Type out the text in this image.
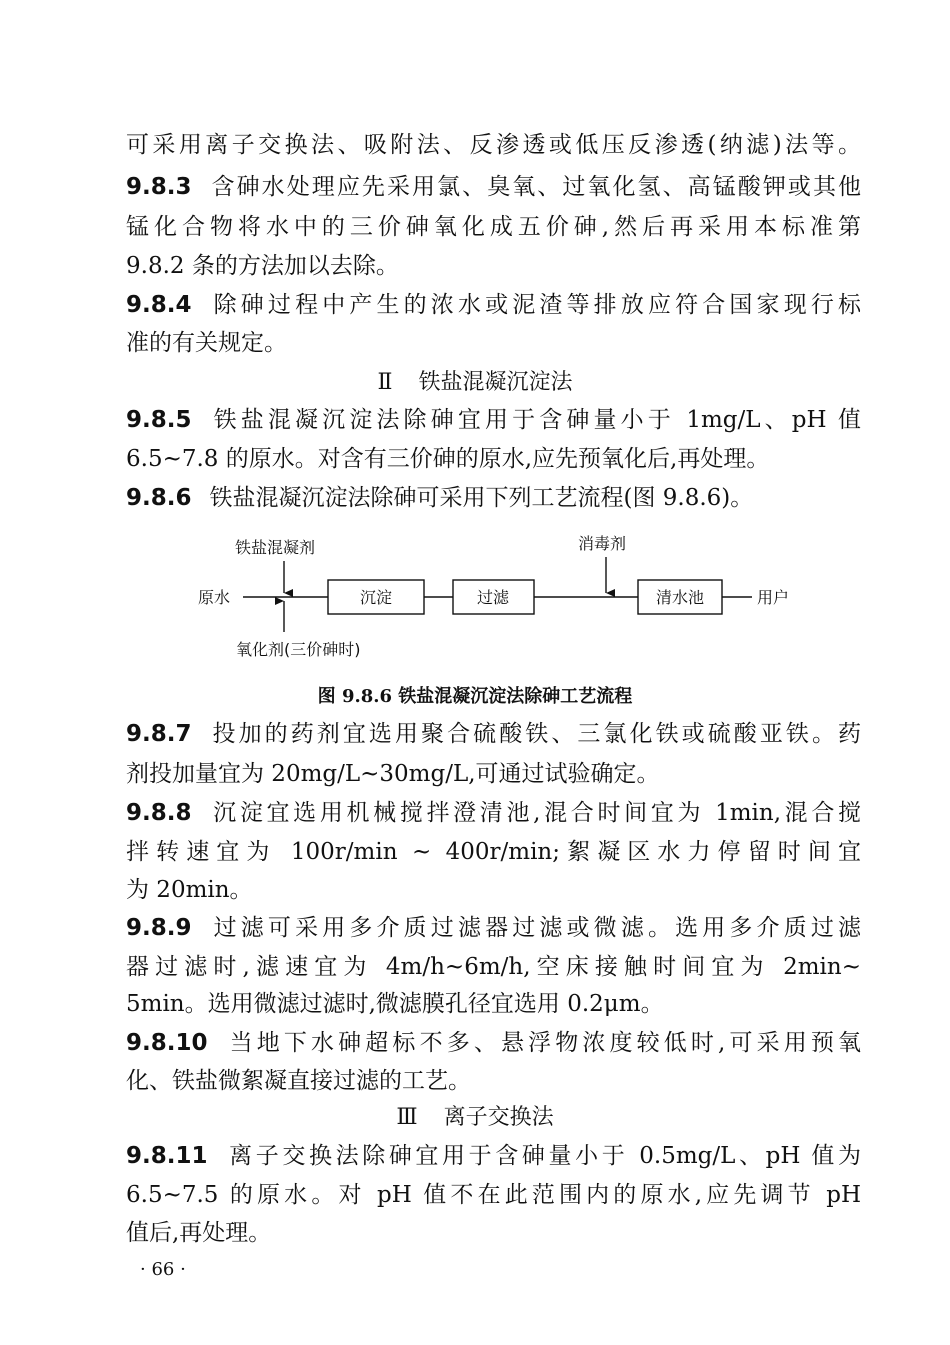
可采用离子交换法、吸附法、反渗透或低压反渗透(纳滤)法等。
9.8.3 含砷水处理应先采用氯、臭氧、过氧化氢、高锰酸钾或其他
锰化合物将水中的三价砷氧化成五价砷,然后再采用本标准第
9.8.2 条的方法加以去除。
9.8.4 除砷过程中产生的浓水或泥渣等排放应符合国家现行标
准的有关规定。
Ⅱ 铁盐混凝沉淀法
9.8.5 铁盐混凝沉淀法除砷宜用于含砷量小于 1mg/L、pH 值
6.5~7.8 的原水。对含有三价砷的原水,应先预氧化后,再处理。
9.8.6 铁盐混凝沉淀法除砷可采用下列工艺流程(图 9.8.6)。
铁盐混凝剂	消毒剂
原水	用户
氧化剂(三价砷时)
沉淀	过滤	清水池
图 9.8.6 铁盐混凝沉淀法除砷工艺流程
9.8.7 投加的药剂宜选用聚合硫酸铁、三氯化铁或硫酸亚铁。药
剂投加量宜为 20mg/L~30mg/L,可通过试验确定。
9.8.8 沉淀宜选用机械搅拌澄清池,混合时间宜为 1min,混合搅
拌转速宜为 100r/min ~ 400r/min;絮凝区水力停留时间宜
为 20min。
9.8.9 过滤可采用多介质过滤器过滤或微滤。选用多介质过滤
器过滤时,滤速宜为 4m/h~6m/h,空床接触时间宜为 2min~
5min。选用微滤过滤时,微滤膜孔径宜选用 0.2μm。
9.8.10 当地下水砷超标不多、悬浮物浓度较低时,可采用预氧
化、铁盐微絮凝直接过滤的工艺。
Ⅲ 离子交换法
9.8.11 离子交换法除砷宜用于含砷量小于 0.5mg/L、pH 值为
6.5~7.5 的原水。对 pH 值不在此范围内的原水,应先调节 pH
值后,再处理。
· 66 ·
